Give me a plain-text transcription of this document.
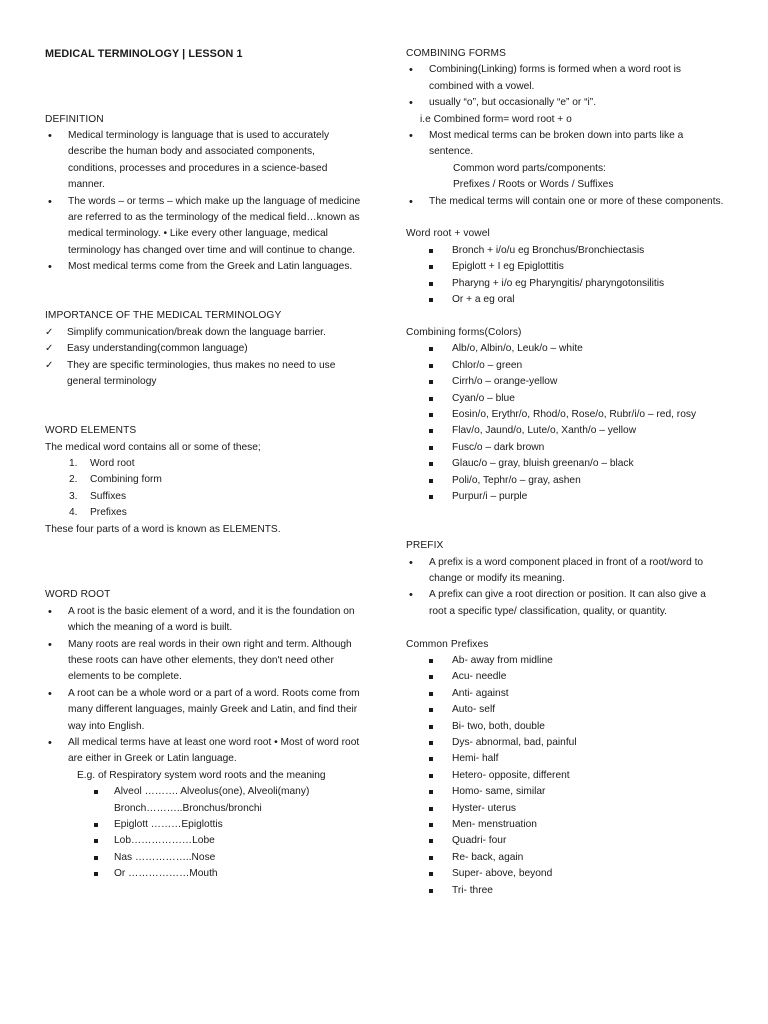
MEDICAL TERMINOLOGY | LESSON 1

DEFINITION

• Medical terminology is language that is used to accurately describe the human body and associated components, conditions, processes and procedures in a science-based manner.
• The words – or terms – which make up the language of medicine are referred to as the terminology of the medical field…known as medical terminology. • Like every other language, medical terminology has changed over time and will continue to change.
• Most medical terms come from the Greek and Latin languages.

IMPORTANCE OF THE MEDICAL TERMINOLOGY

✓ Simplify communication/break down the language barrier.
✓ Easy understanding(common language)
✓ They are specific terminologies, thus makes no need to use general terminology

WORD ELEMENTS

The medical word contains all or some of these;

1. Word root
2. Combining form
3. Suffixes
4. Prefixes

These four parts of a word is known as ELEMENTS.

WORD ROOT

• A root is the basic element of a word, and it is the foundation on which the meaning of a word is built.
• Many roots are real words in their own right and term. Although these roots can have other elements, they don't need other elements to be complete.
• A root can be a whole word or a part of a word. Roots come from many different languages, mainly Greek and Latin, and find their way into English.
• All medical terms have at least one word root • Most of word root are either in Greek or Latin language.

E.g. of Respiratory system word roots and the meaning

Alveol ………. Alveolus(one), Alveoli(many)
Bronch………..Bronchus/bronchi
Epiglott ………Epiglottis
Lob………………Lobe
Nas ……………..Nose
Or ………………Mouth

COMBINING FORMS

• Combining(Linking) forms is formed when a word root is combined with a vowel.
• usually “o”, but occasionally “e” or “i”.

i.e Combined form= word root + o

• Most medical terms can be broken down into parts like a sentence.

Common word parts/components:

Prefixes / Roots or Words / Suffixes

• The medical terms will contain one or more of these components.

Word root + vowel

Bronch + i/o/u eg Bronchus/Bronchiectasis
Epiglott + I eg Epiglottitis
Pharyng + i/o eg Pharyngitis/ pharyngotonsilitis
Or + a eg oral

Combining forms(Colors)

Alb/o, Albin/o, Leuk/o – white
Chlor/o – green
Cirrh/o – orange-yellow
Cyan/o – blue
Eosin/o, Erythr/o, Rhod/o, Rose/o, Rubr/i/o – red, rosy
Flav/o, Jaund/o, Lute/o, Xanth/o – yellow
Fusc/o – dark brown
Glauc/o – gray, bluish greenan/o – black
Poli/o, Tephr/o – gray, ashen
Purpur/i – purple

PREFIX

• A prefix is a word component placed in front of a root/word to change or modify its meaning.
• A prefix can give a root direction or position. It can also give a root a specific type/ classification, quality, or quantity.

Common Prefixes

Ab- away from midline
Acu- needle
Anti- against
Auto- self
Bi- two, both, double
Dys- abnormal, bad, painful
Hemi- half
Hetero- opposite, different
Homo- same, similar
Hyster- uterus
Men- menstruation
Quadri- four
Re- back, again
Super- above, beyond
Tri- three
